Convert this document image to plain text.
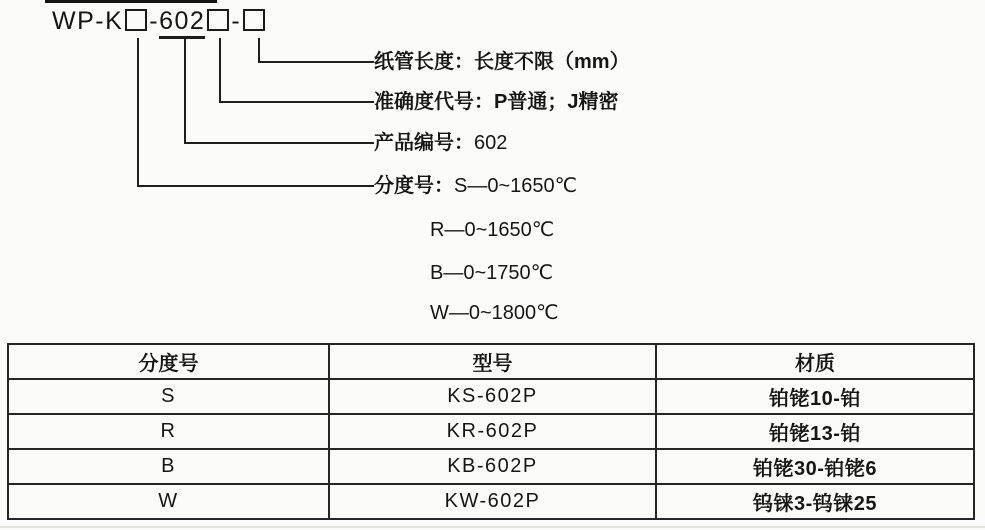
WP-K -602 -
纸管长度：长度不限（mm）
准确度代号：P普通；J精密
产品编号：602
分度号：S—0~1650℃
R—0~1650℃
B—0~1750℃
W—0~1800℃
分度号	型号	材质
S	KS-602P	铂铑10-铂
R	KR-602P	铂铑13-铂
B	KB-602P	铂铑30-铂铑6
W	KW-602P	钨铼3-钨铼25
